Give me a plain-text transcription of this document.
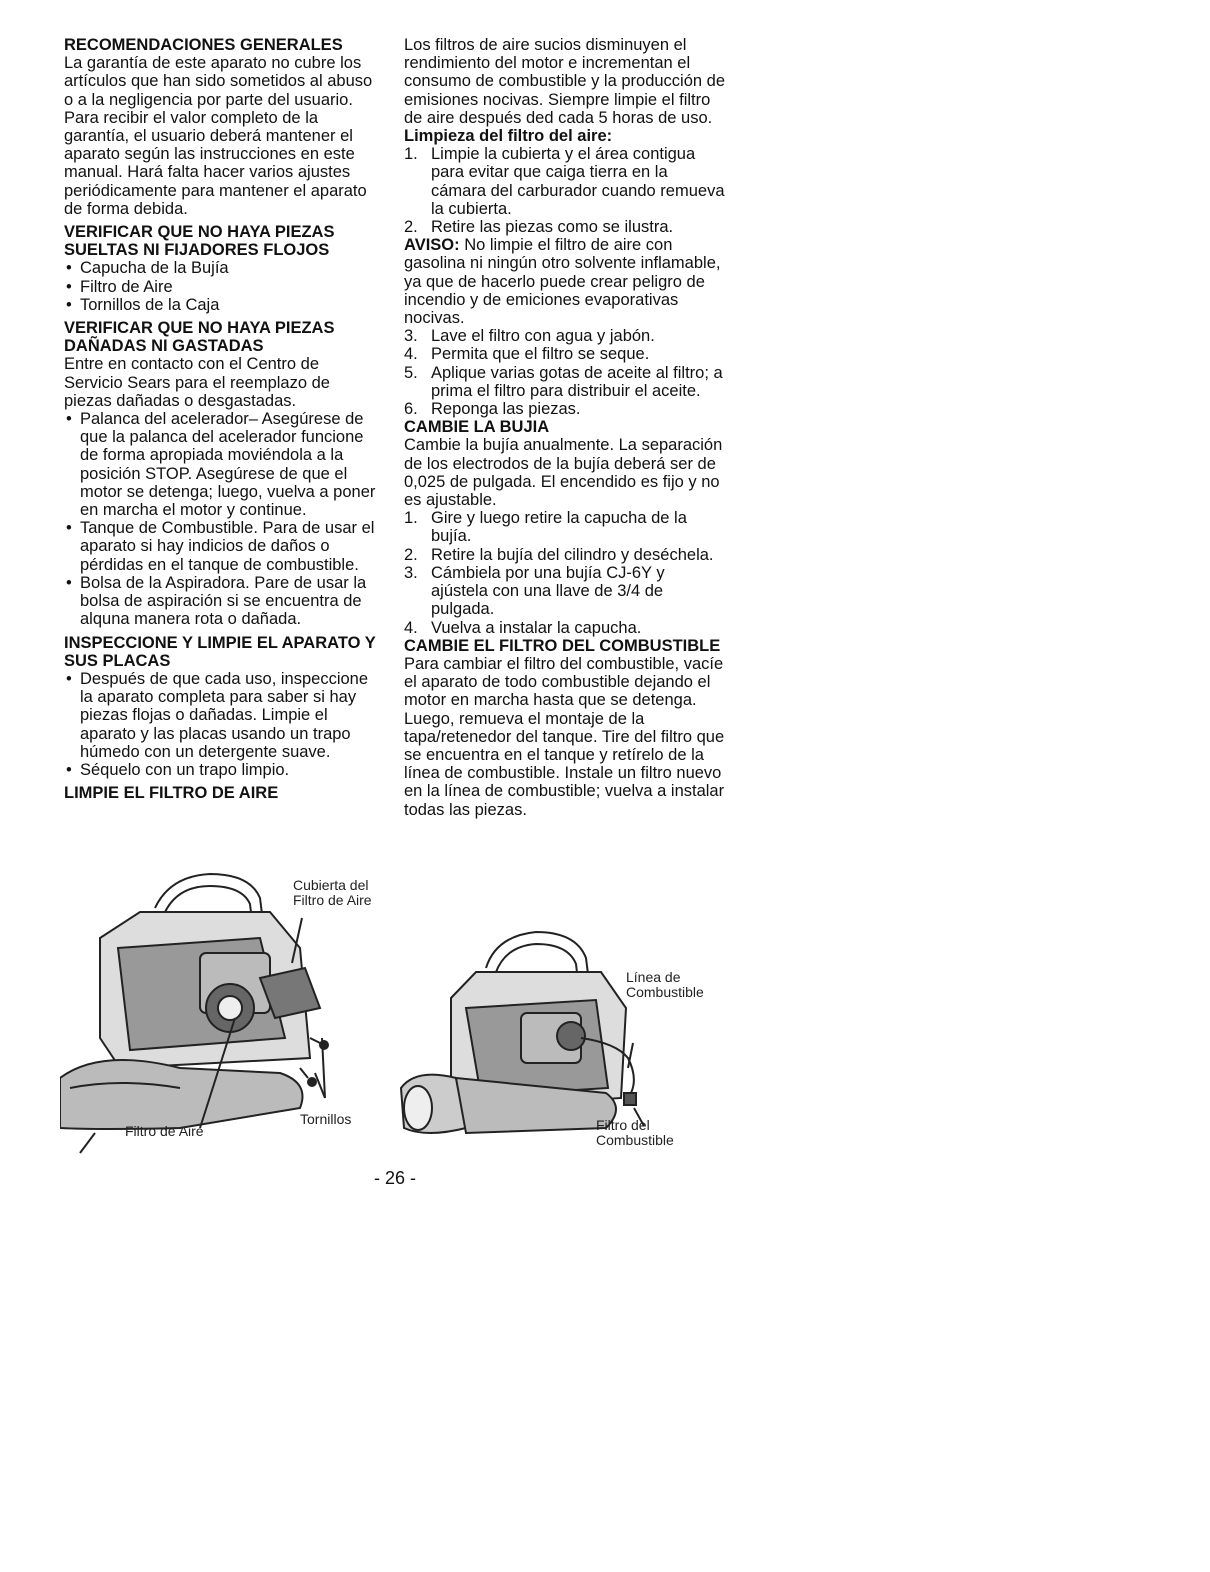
RECOMENDACIONES GENERALES

La garantía de este aparato no cubre los artículos que han sido sometidos al abuso o a la negligencia por parte del usuario. Para recibir el valor completo de la garantía, el usuario deberá mantener el aparato según las instrucciones en este manual. Hará falta hacer varios ajustes periódicamente para mantener el aparato de forma debida.

VERIFICAR QUE NO HAYA PIEZAS SUELTAS NI FIJADORES FLOJOS

• Capucha de la Bujía
• Filtro de Aire
• Tornillos de la Caja

VERIFICAR QUE NO HAYA PIEZAS DAÑADAS NI GASTADAS

Entre en contacto con el Centro de Servicio Sears para el reemplazo de piezas dañadas o desgastadas.

• Palanca del acelerador– Asegúrese de que la palanca del acelerador funcione de forma apropiada moviéndola a la posición STOP. Asegúrese de que el motor se detenga; luego, vuelva a poner en marcha el motor y continue.
• Tanque de Combustible. Para de usar el aparato si hay indicios de daños o pérdidas en el tanque de combustible.
• Bolsa de la Aspiradora. Pare de usar la bolsa de aspiración si se encuentra de alquna manera rota o dañada.

INSPECCIONE Y LIMPIE EL APARATO Y SUS PLACAS

• Después de que cada uso, inspeccione la aparato completa para saber si hay piezas flojas o dañadas. Limpie el aparato y las placas usando un trapo húmedo con un detergente suave.
• Séquelo con un trapo limpio.

LIMPIE EL FILTRO DE AIRE

Cubierta del Filtro de Aire
Filtro de Aire
Tornillos

Los filtros de aire sucios disminuyen el rendimiento del motor e incrementan el consumo de combustible y la producción de emisiones nocivas. Siempre limpie el filtro de aire después ded cada 5 horas de uso.

Limpieza del filtro del aire:

1. Limpie la cubierta y el área contigua para evitar que caiga tierra en la cámara del carburador cuando remueva la cubierta.
2. Retire las piezas como se ilustra.

AVISO: No limpie el filtro de aire con gasolina ni ningún otro solvente inflamable, ya que de hacerlo puede crear peligro de incendio y de emiciones evaporativas nocivas.

3. Lave el filtro con agua y jabón.
4. Permita que el filtro se seque.
5. Aplique varias gotas de aceite al filtro; a prima el filtro para distribuir el aceite.
6. Reponga las piezas.

CAMBIE LA BUJIA

Cambie la bujía anualmente. La separación de los electrodos de la bujía deberá ser de 0,025 de pulgada. El encendido es fijo y no es ajustable.

1. Gire y luego retire la capucha de la bujía.
2. Retire la bujía del cilindro y deséchela.
3. Cámbiela por una bujía CJ-6Y y ajústela con una llave de 3/4 de pulgada.
4. Vuelva a instalar la capucha.

CAMBIE EL FILTRO DEL COMBUSTIBLE

Para cambiar el filtro del combustible, vacíe el aparato de todo combustible dejando el motor en marcha hasta que se detenga. Luego, remueva el montaje de la tapa/retenedor del tanque. Tire del filtro que se encuentra en el tanque y retírelo de la línea de combustible. Instale un filtro nuevo en la línea de combustible; vuelva a instalar todas las piezas.

Línea de Combustible
Filtro del Combustible
- 26 -
